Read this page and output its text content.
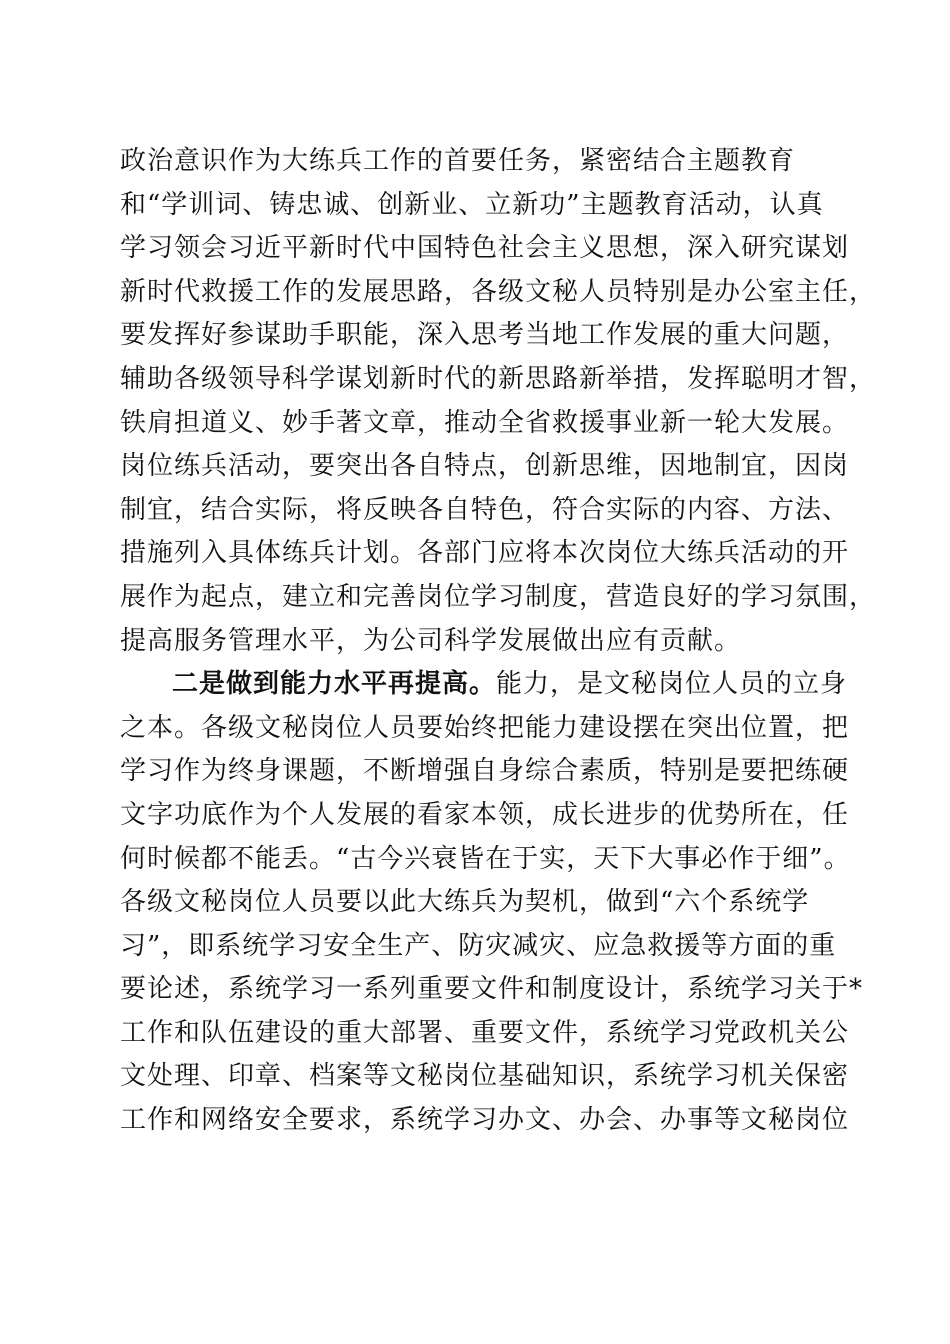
政治意识作为大练兵工作的首要任务，紧密结合主题教育
和“学训词、铸忠诚、创新业、立新功”主题教育活动，认真
学习领会习近平新时代中国特色社会主义思想，深入研究谋划
新时代救援工作的发展思路，各级文秘人员特别是办公室主任，
要发挥好参谋助手职能，深入思考当地工作发展的重大问题，
辅助各级领导科学谋划新时代的新思路新举措，发挥聪明才智，
铁肩担道义、妙手著文章，推动全省救援事业新一轮大发展。
岗位练兵活动，要突出各自特点，创新思维，因地制宜，因岗
制宜，结合实际，将反映各自特色，符合实际的内容、方法、
措施列入具体练兵计划。各部门应将本次岗位大练兵活动的开
展作为起点，建立和完善岗位学习制度，营造良好的学习氛围，
提高服务管理水平，为公司科学发展做出应有贡献。
二是做到能力水平再提高。能力，是文秘岗位人员的立身
之本。各级文秘岗位人员要始终把能力建设摆在突出位置，把
学习作为终身课题，不断增强自身综合素质，特别是要把练硬
文字功底作为个人发展的看家本领，成长进步的优势所在，任
何时候都不能丢。“古今兴衰皆在于实，天下大事必作于细”。
各级文秘岗位人员要以此大练兵为契机，做到“六个系统学
习”，即系统学习安全生产、防灾减灾、应急救援等方面的重
要论述，系统学习一系列重要文件和制度设计，系统学习关于*
工作和队伍建设的重大部署、重要文件，系统学习党政机关公
文处理、印章、档案等文秘岗位基础知识，系统学习机关保密
工作和网络安全要求，系统学习办文、办会、办事等文秘岗位
